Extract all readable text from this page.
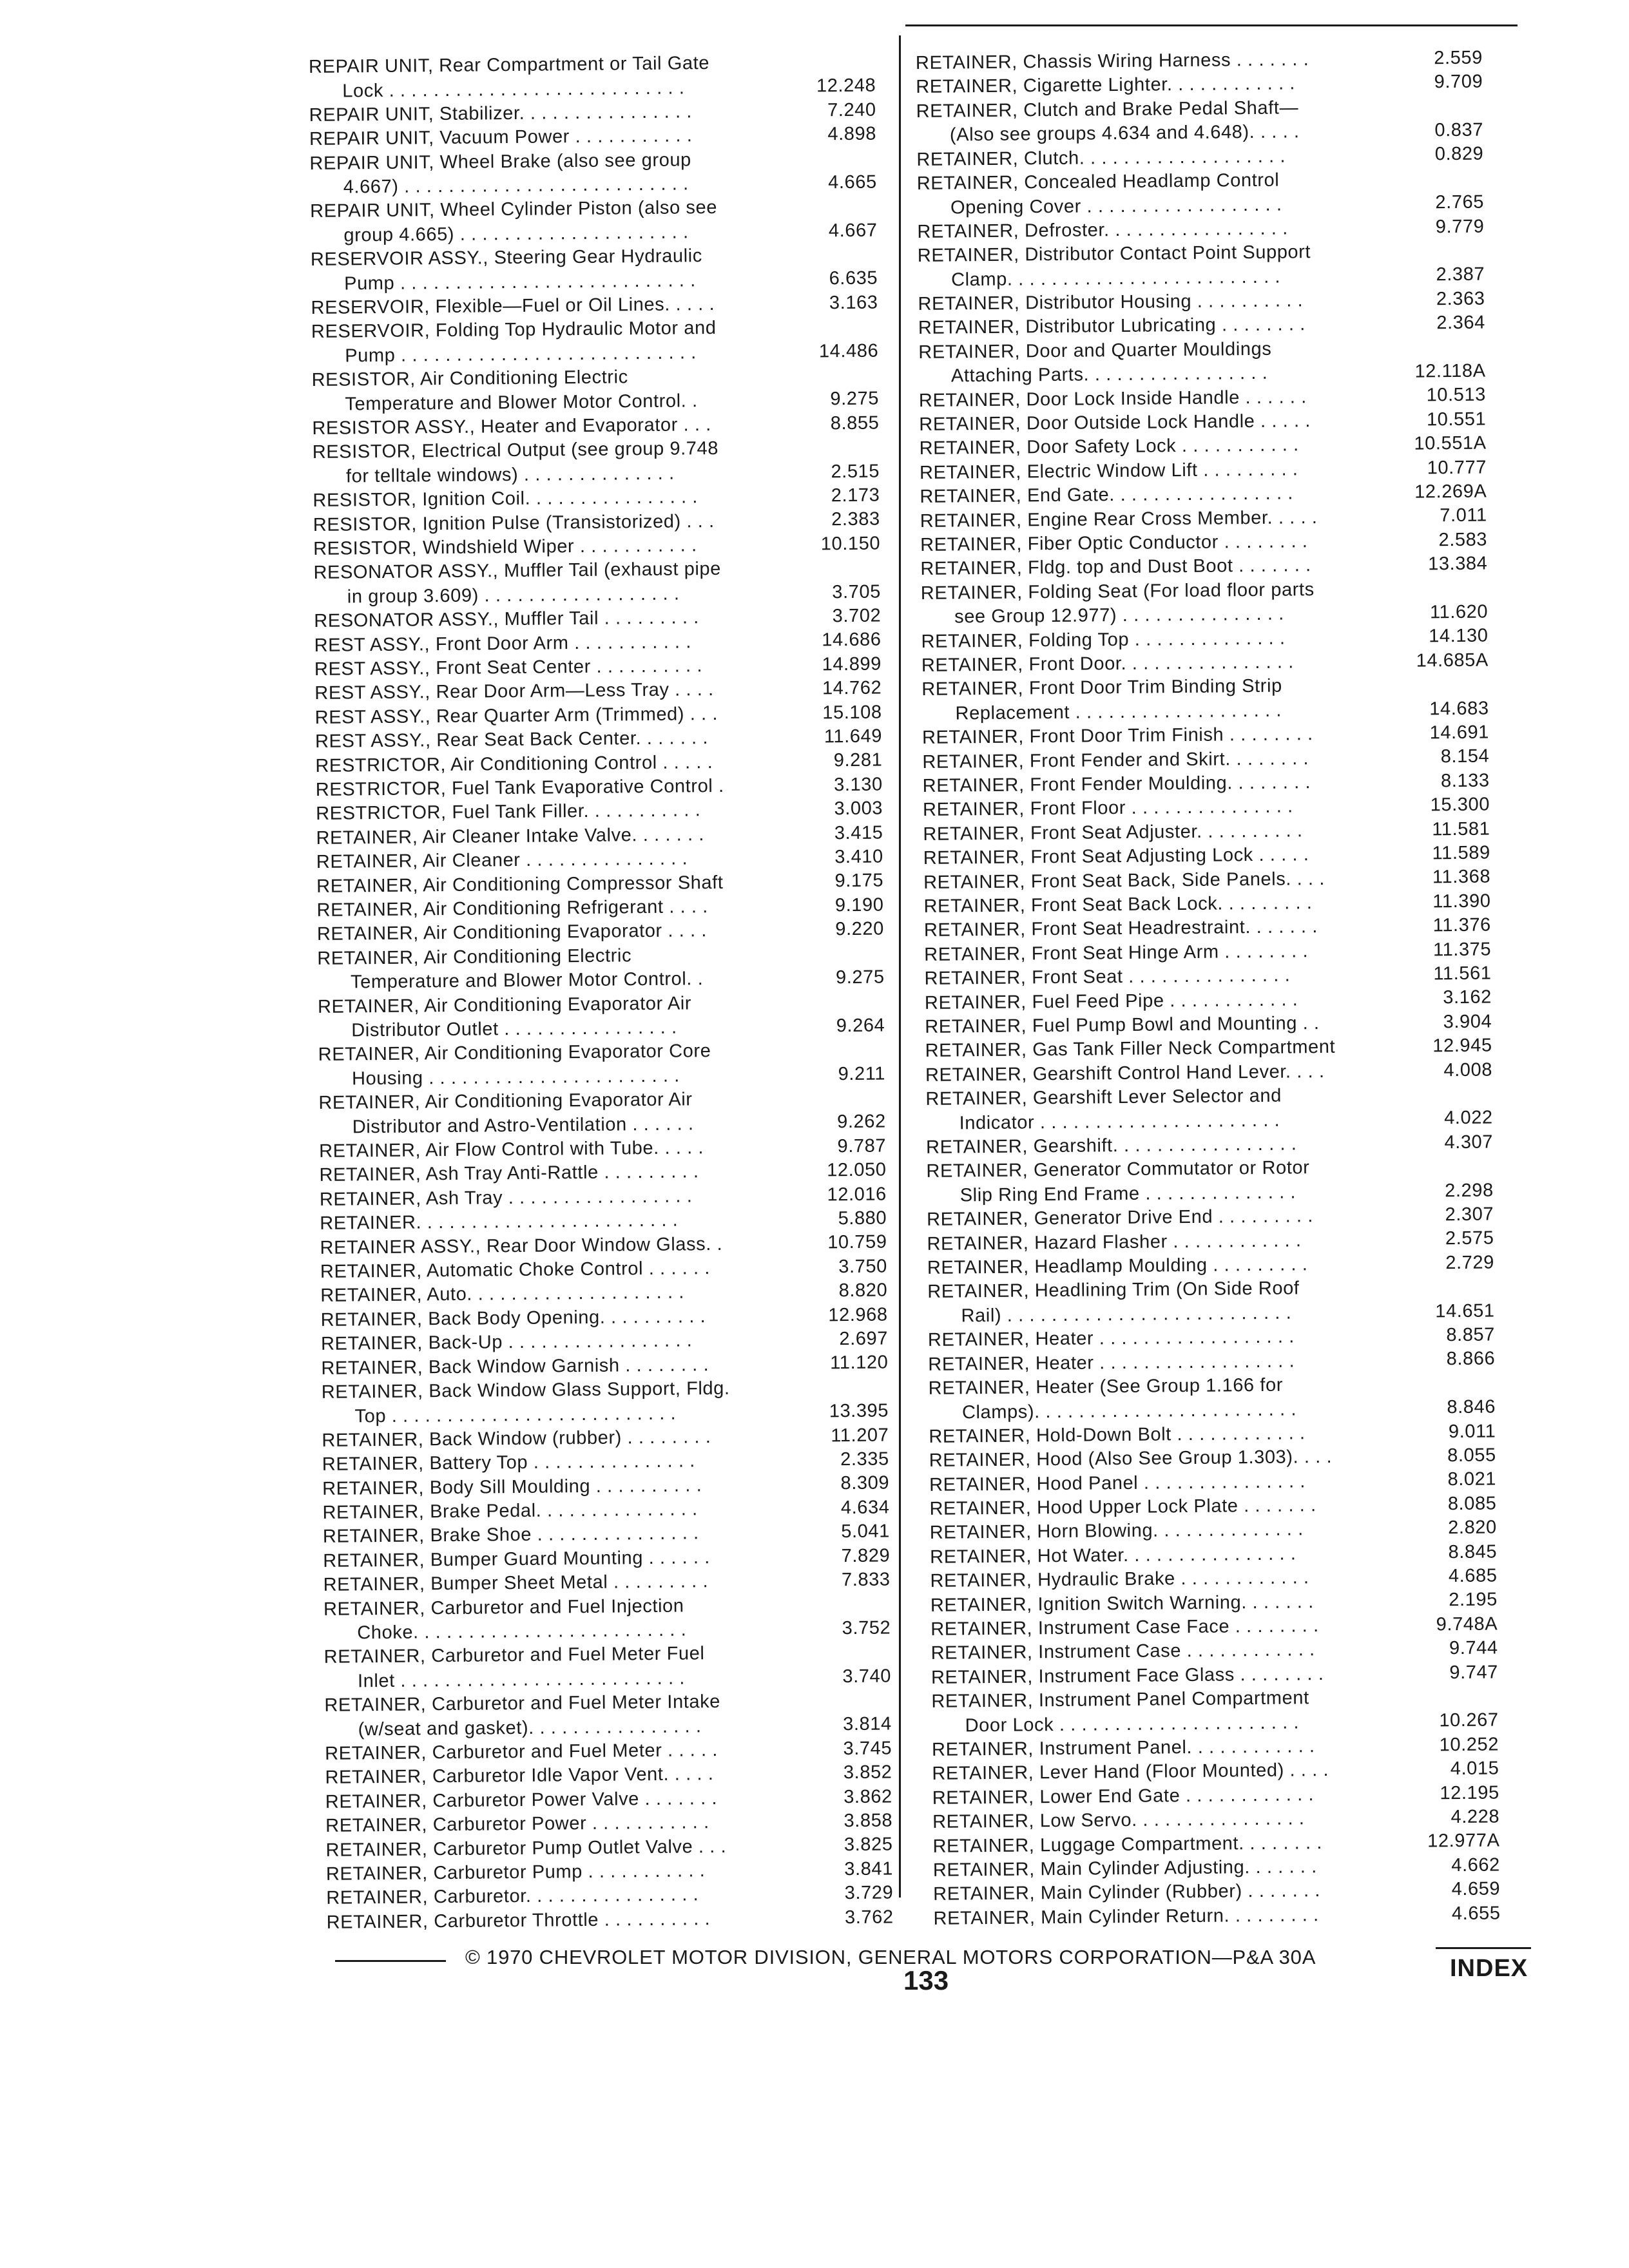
REPAIR UNIT, Rear Compartment or Tail Gate
Lock . . . . . . . . . . . . . . . . . . . . . . . . . . .	12.248
REPAIR UNIT, Stabilizer. . . . . . . . . . . . . . . .	7.240
REPAIR UNIT, Vacuum Power . . . . . . . . . . .	4.898
REPAIR UNIT, Wheel Brake (also see group
4.667) . . . . . . . . . . . . . . . . . . . . . . . . . .	4.665
REPAIR UNIT, Wheel Cylinder Piston (also see
group 4.665) . . . . . . . . . . . . . . . . . . . . .	4.667
RESERVOIR ASSY., Steering Gear Hydraulic
Pump . . . . . . . . . . . . . . . . . . . . . . . . . . .	6.635
RESERVOIR, Flexible—Fuel or Oil Lines. . . . .	3.163
RESERVOIR, Folding Top Hydraulic Motor and
Pump . . . . . . . . . . . . . . . . . . . . . . . . . . .	14.486
RESISTOR, Air Conditioning Electric
Temperature and Blower Motor Control. .	9.275
RESISTOR ASSY., Heater and Evaporator . . .	8.855
RESISTOR, Electrical Output (see group 9.748
for telltale windows) . . . . . . . . . . . . . .	2.515
RESISTOR, Ignition Coil. . . . . . . . . . . . . . . .	2.173
RESISTOR, Ignition Pulse (Transistorized) . . .	2.383
RESISTOR, Windshield Wiper . . . . . . . . . . .	10.150
RESONATOR ASSY., Muffler Tail (exhaust pipe
in group 3.609) . . . . . . . . . . . . . . . . . .	3.705
RESONATOR ASSY., Muffler Tail . . . . . . . . .	3.702
REST ASSY., Front Door Arm . . . . . . . . . . .	14.686
REST ASSY., Front Seat Center . . . . . . . . . .	14.899
REST ASSY., Rear Door Arm—Less Tray . . . .	14.762
REST ASSY., Rear Quarter Arm (Trimmed) . . .	15.108
REST ASSY., Rear Seat Back Center. . . . . . .	11.649
RESTRICTOR, Air Conditioning Control . . . . .	9.281
RESTRICTOR, Fuel Tank Evaporative Control .	3.130
RESTRICTOR, Fuel Tank Filler. . . . . . . . . . .	3.003
RETAINER, Air Cleaner Intake Valve. . . . . . .	3.415
RETAINER, Air Cleaner . . . . . . . . . . . . . . .	3.410
RETAINER, Air Conditioning Compressor Shaft	9.175
RETAINER, Air Conditioning Refrigerant . . . .	9.190
RETAINER, Air Conditioning Evaporator . . . .	9.220
RETAINER, Air Conditioning Electric
Temperature and Blower Motor Control. .	9.275
RETAINER, Air Conditioning Evaporator Air
Distributor Outlet . . . . . . . . . . . . . . . .	9.264
RETAINER, Air Conditioning Evaporator Core
Housing . . . . . . . . . . . . . . . . . . . . . . .	9.211
RETAINER, Air Conditioning Evaporator Air
Distributor and Astro-Ventilation . . . . . .	9.262
RETAINER, Air Flow Control with Tube. . . . .	9.787
RETAINER, Ash Tray Anti-Rattle . . . . . . . . .	12.050
RETAINER, Ash Tray . . . . . . . . . . . . . . . . .	12.016
RETAINER. . . . . . . . . . . . . . . . . . . . . . . .	5.880
RETAINER ASSY., Rear Door Window Glass. .	10.759
RETAINER, Automatic Choke Control . . . . . .	3.750
RETAINER, Auto. . . . . . . . . . . . . . . . . . . .	8.820
RETAINER, Back Body Opening. . . . . . . . . .	12.968
RETAINER, Back-Up . . . . . . . . . . . . . . . . .	2.697
RETAINER, Back Window Garnish . . . . . . . .	11.120
RETAINER, Back Window Glass Support, Fldg.
Top . . . . . . . . . . . . . . . . . . . . . . . . . .	13.395
RETAINER, Back Window (rubber) . . . . . . . .	11.207
RETAINER, Battery Top . . . . . . . . . . . . . . .	2.335
RETAINER, Body Sill Moulding . . . . . . . . . .	8.309
RETAINER, Brake Pedal. . . . . . . . . . . . . . .	4.634
RETAINER, Brake Shoe . . . . . . . . . . . . . . .	5.041
RETAINER, Bumper Guard Mounting . . . . . .	7.829
RETAINER, Bumper Sheet Metal . . . . . . . . .	7.833
RETAINER, Carburetor and Fuel Injection
Choke. . . . . . . . . . . . . . . . . . . . . . . . .	3.752
RETAINER, Carburetor and Fuel Meter Fuel
Inlet . . . . . . . . . . . . . . . . . . . . . . . . . .	3.740
RETAINER, Carburetor and Fuel Meter Intake
(w/seat and gasket). . . . . . . . . . . . . . . .	3.814
RETAINER, Carburetor and Fuel Meter . . . . .	3.745
RETAINER, Carburetor Idle Vapor Vent. . . . .	3.852
RETAINER, Carburetor Power Valve . . . . . . .	3.862
RETAINER, Carburetor Power . . . . . . . . . . .	3.858
RETAINER, Carburetor Pump Outlet Valve . . .	3.825
RETAINER, Carburetor Pump . . . . . . . . . . .	3.841
RETAINER, Carburetor. . . . . . . . . . . . . . . .	3.729
RETAINER, Carburetor Throttle . . . . . . . . . .	3.762
RETAINER, Chassis Wiring Harness . . . . . . .	2.559
RETAINER, Cigarette Lighter. . . . . . . . . . . .	9.709
RETAINER, Clutch and Brake Pedal Shaft—
(Also see groups 4.634 and 4.648). . . . .	0.837
RETAINER, Clutch. . . . . . . . . . . . . . . . . . .	0.829
RETAINER, Concealed Headlamp Control
Opening Cover . . . . . . . . . . . . . . . . . .	2.765
RETAINER, Defroster. . . . . . . . . . . . . . . . .	9.779
RETAINER, Distributor Contact Point Support
Clamp. . . . . . . . . . . . . . . . . . . . . . . . .	2.387
RETAINER, Distributor Housing . . . . . . . . . .	2.363
RETAINER, Distributor Lubricating . . . . . . . .	2.364
RETAINER, Door and Quarter Mouldings
Attaching Parts. . . . . . . . . . . . . . . . .	12.118A
RETAINER, Door Lock Inside Handle . . . . . .	10.513
RETAINER, Door Outside Lock Handle . . . . .	10.551
RETAINER, Door Safety Lock . . . . . . . . . . .	10.551A
RETAINER, Electric Window Lift . . . . . . . . .	10.777
RETAINER, End Gate. . . . . . . . . . . . . . . . .	12.269A
RETAINER, Engine Rear Cross Member. . . . .	7.011
RETAINER, Fiber Optic Conductor . . . . . . . .	2.583
RETAINER, Fldg. top and Dust Boot . . . . . . .	13.384
RETAINER, Folding Seat (For load floor parts
see Group 12.977) . . . . . . . . . . . . . . .	11.620
RETAINER, Folding Top . . . . . . . . . . . . . .	14.130
RETAINER, Front Door. . . . . . . . . . . . . . . .	14.685A
RETAINER, Front Door Trim Binding Strip
Replacement . . . . . . . . . . . . . . . . . . .	14.683
RETAINER, Front Door Trim Finish . . . . . . . .	14.691
RETAINER, Front Fender and Skirt. . . . . . . .	8.154
RETAINER, Front Fender Moulding. . . . . . . .	8.133
RETAINER, Front Floor . . . . . . . . . . . . . . .	15.300
RETAINER, Front Seat Adjuster. . . . . . . . . .	11.581
RETAINER, Front Seat Adjusting Lock . . . . .	11.589
RETAINER, Front Seat Back, Side Panels. . . .	11.368
RETAINER, Front Seat Back Lock. . . . . . . . .	11.390
RETAINER, Front Seat Headrestraint. . . . . . .	11.376
RETAINER, Front Seat Hinge Arm . . . . . . . .	11.375
RETAINER, Front Seat . . . . . . . . . . . . . . .	11.561
RETAINER, Fuel Feed Pipe . . . . . . . . . . . .	3.162
RETAINER, Fuel Pump Bowl and Mounting . .	3.904
RETAINER, Gas Tank Filler Neck Compartment	12.945
RETAINER, Gearshift Control Hand Lever. . . .	4.008
RETAINER, Gearshift Lever Selector and
Indicator . . . . . . . . . . . . . . . . . . . . . .	4.022
RETAINER, Gearshift. . . . . . . . . . . . . . . . .	4.307
RETAINER, Generator Commutator or Rotor
Slip Ring End Frame . . . . . . . . . . . . . .	2.298
RETAINER, Generator Drive End . . . . . . . . .	2.307
RETAINER, Hazard Flasher . . . . . . . . . . . .	2.575
RETAINER, Headlamp Moulding . . . . . . . . .	2.729
RETAINER, Headlining Trim (On Side Roof
Rail) . . . . . . . . . . . . . . . . . . . . . . . . . .	14.651
RETAINER, Heater . . . . . . . . . . . . . . . . . .	8.857
RETAINER, Heater . . . . . . . . . . . . . . . . . .	8.866
RETAINER, Heater (See Group 1.166 for
Clamps). . . . . . . . . . . . . . . . . . . . . . . .	8.846
RETAINER, Hold-Down Bolt . . . . . . . . . . . .	9.011
RETAINER, Hood (Also See Group 1.303). . . .	8.055
RETAINER, Hood Panel . . . . . . . . . . . . . . .	8.021
RETAINER, Hood Upper Lock Plate . . . . . . .	8.085
RETAINER, Horn Blowing. . . . . . . . . . . . . .	2.820
RETAINER, Hot Water. . . . . . . . . . . . . . . .	8.845
RETAINER, Hydraulic Brake . . . . . . . . . . . .	4.685
RETAINER, Ignition Switch Warning. . . . . . .	2.195
RETAINER, Instrument Case Face . . . . . . . .	9.748A
RETAINER, Instrument Case . . . . . . . . . . . .	9.744
RETAINER, Instrument Face Glass . . . . . . . .	9.747
RETAINER, Instrument Panel Compartment
Door Lock . . . . . . . . . . . . . . . . . . . . . .	10.267
RETAINER, Instrument Panel. . . . . . . . . . . .	10.252
RETAINER, Lever Hand (Floor Mounted) . . . .	4.015
RETAINER, Lower End Gate . . . . . . . . . . . .	12.195
RETAINER, Low Servo. . . . . . . . . . . . . . . .	4.228
RETAINER, Luggage Compartment. . . . . . . .	12.977A
RETAINER, Main Cylinder Adjusting. . . . . . .	4.662
RETAINER, Main Cylinder (Rubber) . . . . . . .	4.659
RETAINER, Main Cylinder Return. . . . . . . . .	4.655
© 1970 CHEVROLET MOTOR DIVISION, GENERAL MOTORS CORPORATION—P&A 30A
133	INDEX
